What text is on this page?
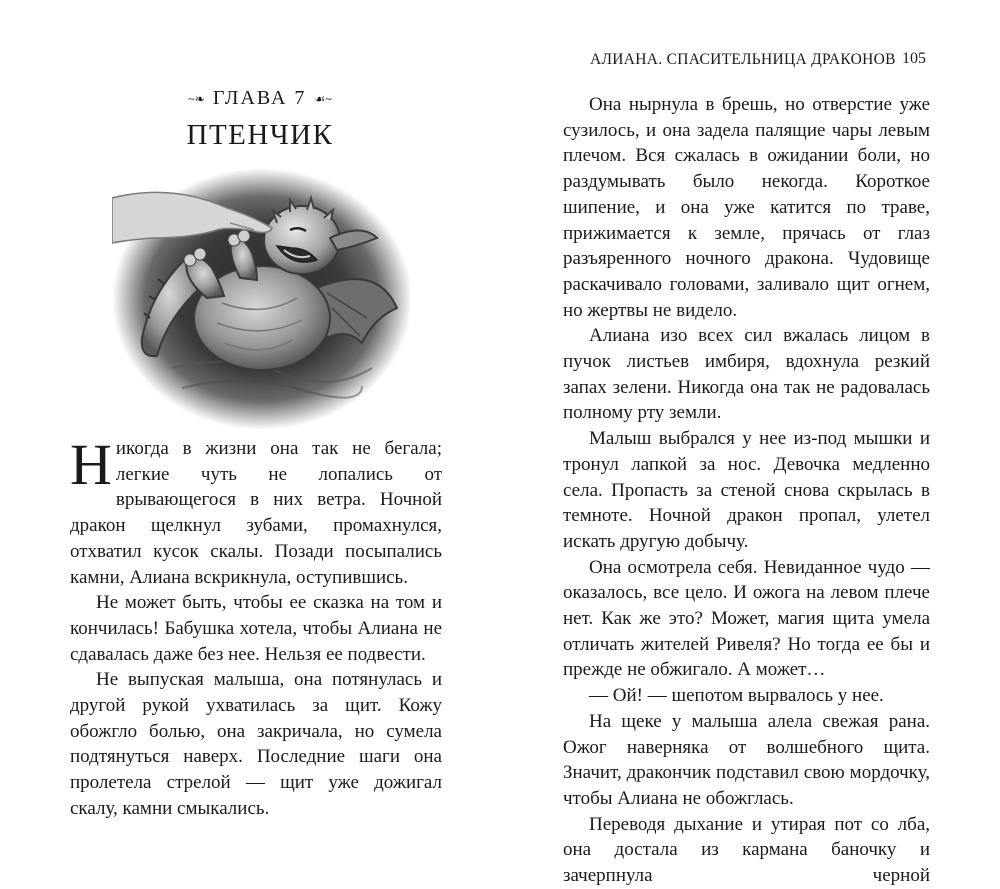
~❧ ГЛАВА 7 ☙~
ПТЕНЧИК

Никогда в жизни она так не бегала; легкие чуть не лопались от врывающегося в них ветра. Ночной дракон щелкнул зубами, промахнулся, отхватил кусок скалы. Позади посыпались камни, Алиана вскрикнула, оступившись.

Не может быть, чтобы ее сказка на том и кончилась! Бабушка хотела, чтобы Алиана не сдавалась даже без нее. Нельзя ее подвести.

Не выпуская малыша, она потянулась и другой рукой ухватилась за щит. Кожу обожгло болью, она закричала, но сумела подтянуться наверх. Последние шаги она пролетела стрелой — щит уже дожигал скалу, камни смыкались.

АЛИАНА. СПАСИТЕЛЬНИЦА ДРАКОНОВ 105

Она нырнула в брешь, но отверстие уже сузилось, и она задела палящие чары левым плечом. Вся сжалась в ожидании боли, но раздумывать было некогда. Короткое шипение, и она уже катится по траве, прижимается к земле, прячась от глаз разъяренного ночного дракона. Чудовище раскачивало головами, заливало щит огнем, но жертвы не видело.

Алиана изо всех сил вжалась лицом в пучок листьев имбиря, вдохнула резкий запах зелени. Никогда она так не радовалась полному рту земли.

Малыш выбрался у нее из-под мышки и тронул лапкой за нос. Девочка медленно села. Пропасть за стеной снова скрылась в темноте. Ночной дракон пропал, улетел искать другую добычу.

Она осмотрела себя. Невиданное чудо — оказалось, все цело. И ожога на левом плече нет. Как же это? Может, магия щита умела отличать жителей Ривеля? Но тогда ее бы и прежде не обжигало. А может…

— Ой! — шепотом вырвалось у нее.

На щеке у малыша алела свежая рана. Ожог наверняка от волшебного щита. Значит, дракончик подставил свою мордочку, чтобы Алиана не обожглась.

Переводя дыхание и утирая пот со лба, она достала из кармана баночку и зачерпнула черной
